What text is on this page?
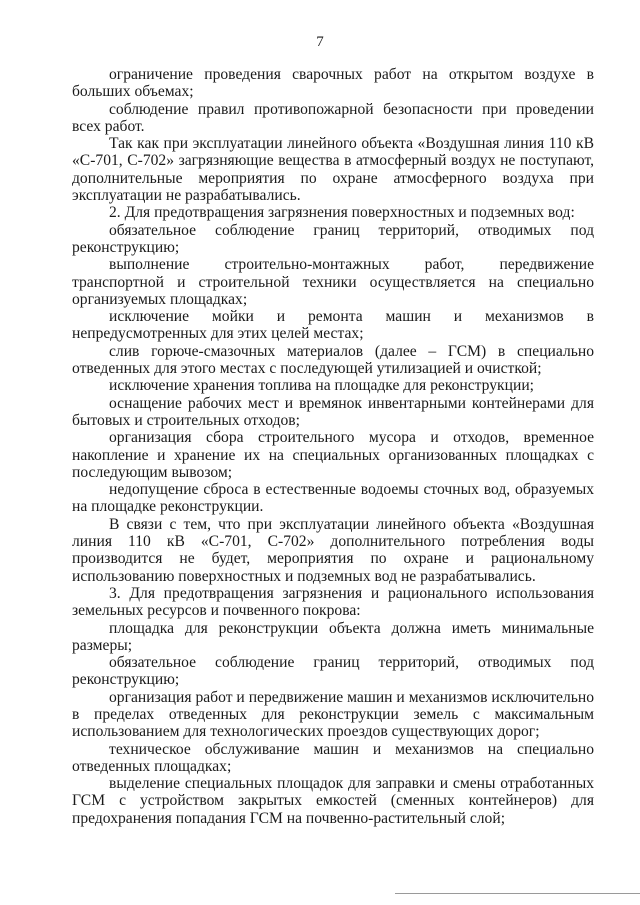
7

ограничение проведения сварочных работ на открытом воздухе в больших объемах;

соблюдение правил противопожарной безопасности при проведении всех работ.

Так как при эксплуатации линейного объекта «Воздушная линия 110 кВ «С-701, С-702» загрязняющие вещества в атмосферный воздух не поступают, дополнительные мероприятия по охране атмосферного воздуха при эксплуатации не разрабатывались.

2. Для предотвращения загрязнения поверхностных и подземных вод:

обязательное соблюдение границ территорий, отводимых под реконструкцию;

выполнение строительно-монтажных работ, передвижение транспортной и строительной техники осуществляется на специально организуемых площадках;

исключение мойки и ремонта машин и механизмов в непредусмотренных для этих целей местах;

слив горюче-смазочных материалов (далее – ГСМ) в специально отведенных для этого местах с последующей утилизацией и очисткой;

исключение хранения топлива на площадке для реконструкции;

оснащение рабочих мест и времянок инвентарными контейнерами для бытовых и строительных отходов;

организация сбора строительного мусора и отходов, временное накопление и хранение их на специальных организованных площадках с последующим вывозом;

недопущение сброса в естественные водоемы сточных вод, образуемых на площадке реконструкции.

В связи с тем, что при эксплуатации линейного объекта «Воздушная линия 110 кВ «С-701, С-702» дополнительного потребления воды производится не будет, мероприятия по охране и рациональному использованию поверхностных и подземных вод не разрабатывались.

3. Для предотвращения загрязнения и рационального использования земельных ресурсов и почвенного покрова:

площадка для реконструкции объекта должна иметь минимальные размеры;

обязательное соблюдение границ территорий, отводимых под реконструкцию;

организация работ и передвижение машин и механизмов исключительно в пределах отведенных для реконструкции земель с максимальным использованием для технологических проездов существующих дорог;

техническое обслуживание машин и механизмов на специально отведенных площадках;

выделение специальных площадок для заправки и смены отработанных ГСМ с устройством закрытых емкостей (сменных контейнеров) для предохранения попадания ГСМ на почвенно-растительный слой;
